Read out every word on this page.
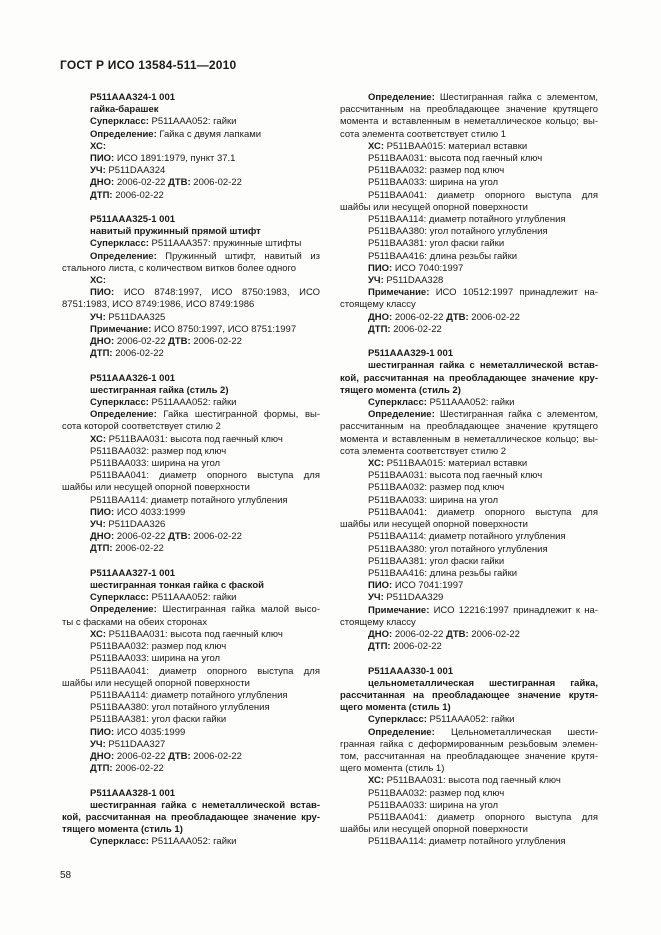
ГОСТ Р ИСО 13584-511—2010
P511AAA324-1 001
гайка-барашек
Суперкласс: P511AAA052: гайки
Определение: Гайка с двумя лапками
ХС:
ПИО: ИСО 1891:1979, пункт 37.1
УЧ: P511DAA324
ДНО: 2006-02-22 ДТВ: 2006-02-22
ДТП: 2006-02-22
P511AAA325-1 001
навитый пружинный прямой штифт
Суперкласс: P511AAA357: пружинные штифты
Определение: Пружинный штифт, навитый из
стального листа, с количеством витков более одного
ХС:
ПИО: ИСО 8748:1997, ИСО 8750:1983, ИСО
8751:1983, ИСО 8749:1986, ИСО 8749:1986
УЧ: P511DAA325
Примечание: ИСО 8750:1997, ИСО 8751:1997
ДНО: 2006-02-22 ДТВ: 2006-02-22
ДТП: 2006-02-22
P511AAA326-1 001
шестигранная гайка (стиль 2)
Суперкласс: P511AAA052: гайки
Определение: Гайка шестигранной формы, вы-
сота которой соответствует стилю 2
ХС: P511BAA031: высота под гаечный ключ
P511BAA032: размер под ключ
P511BAA033: ширина на угол
P511BAA041: диаметр опорного выступа для
шайбы или несущей опорной поверхности
P511BAA114: диаметр потайного углубления
ПИО: ИСО 4033:1999
УЧ: P511DAA326
ДНО: 2006-02-22 ДТВ: 2006-02-22
ДТП: 2006-02-22
P511AAA327-1 001
шестигранная тонкая гайка с фаской
Суперкласс: P511AAA052: гайки
Определение: Шестигранная гайка малой высо-
ты с фасками на обеих сторонах
ХС: P511BAA031: высота под гаечный ключ
P511BAA032: размер под ключ
P511BAA033: ширина на угол
P511BAA041: диаметр опорного выступа для
шайбы или несущей опорной поверхности
P511BAA114: диаметр потайного углубления
P511BAA380: угол потайного углубления
P511BAA381: угол фаски гайки
ПИО: ИСО 4035:1999
УЧ: P511DAA327
ДНО: 2006-02-22 ДТВ: 2006-02-22
ДТП: 2006-02-22
P511AAA328-1 001
шестигранная гайка с неметаллической встав-
кой, рассчитанная на преобладающее значение кру-
тящего момента (стиль 1)
Суперкласс: P511AAA052: гайки
Определение: Шестигранная гайка с элементом,
рассчитанным на преобладающее значение крутящего
момента и вставленным в неметаллическое кольцо; вы-
сота элемента соответствует стилю 1
ХС: P511BAA015: материал вставки
P511BAA031: высота под гаечный ключ
P511BAA032: размер под ключ
P511BAA033: ширина на угол
P511BAA041: диаметр опорного выступа для
шайбы или несущей опорной поверхности
P511BAA114: диаметр потайного углубления
P511BAA380: угол потайного углубления
P511BAA381: угол фаски гайки
P511BAA416: длина резьбы гайки
ПИО: ИСО 7040:1997
УЧ: P511DAA328
Примечание: ИСО 10512:1997 принадлежит на-
стоящему классу
ДНО: 2006-02-22 ДТВ: 2006-02-22
ДТП: 2006-02-22
P511AAA329-1 001
шестигранная гайка с неметаллической встав-
кой, рассчитанная на преобладающее значение кру-
тящего момента (стиль 2)
Суперкласс: P511AAA052: гайки
Определение: Шестигранная гайка с элементом,
рассчитанным на преобладающее значение крутящего
момента и вставленным в неметаллическое кольцо; вы-
сота элемента соответствует стилю 2
ХС: P511BAA015: материал вставки
P511BAA031: высота под гаечный ключ
P511BAA032: размер под ключ
P511BAA033: ширина на угол
P511BAA041: диаметр опорного выступа для
шайбы или несущей опорной поверхности
P511BAA114: диаметр потайного углубления
P511BAA380: угол потайного углубления
P511BAA381: угол фаски гайки
P511BAA416: длина резьбы гайки
ПИО: ИСО 7041:1997
УЧ: P511DAA329
Примечание: ИСО 12216:1997 принадлежит к на-
стоящему классу
ДНО: 2006-02-22 ДТВ: 2006-02-22
ДТП: 2006-02-22
P511AAA330-1 001
цельнометаллическая шестигранная гайка,
рассчитанная на преобладающее значение крутя-
щего момента (стиль 1)
Суперкласс: P511AAA052: гайки
Определение: Цельнометаллическая шести-
гранная гайка с деформированным резьбовым элемен-
том, рассчитанная на преобладающее значение крутя-
щего момента (стиль 1)
ХС: P511BAA031: высота под гаечный ключ
P511BAA032: размер под ключ
P511BAA033: ширина на угол
P511BAA041: диаметр опорного выступа для
шайбы или несущей опорной поверхности
P511BAA114: диаметр потайного углубления
58
